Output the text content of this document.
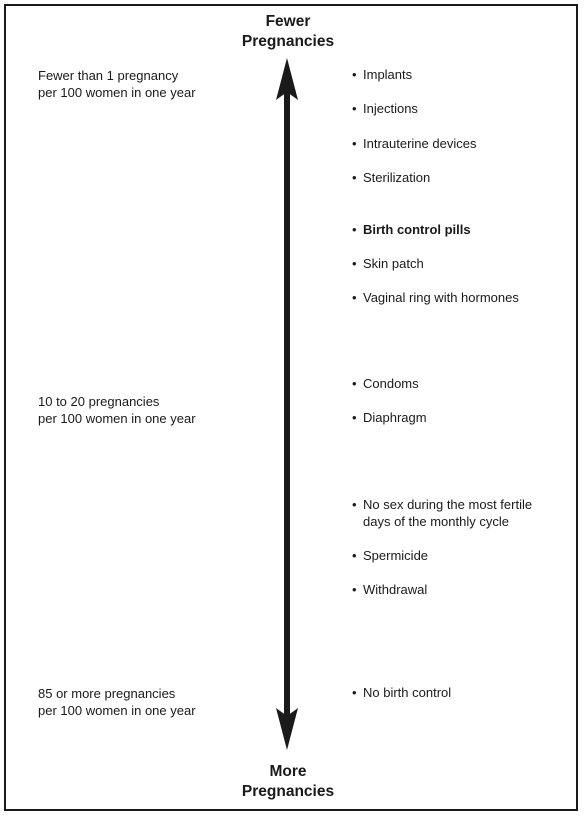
Fewer
Pregnancies
More
Pregnancies
Fewer than 1 pregnancy
per 100 women in one year
10 to 20 pregnancies
per 100 women in one year
85 or more pregnancies
per 100 women in one year
• Implants
• Injections
• Intrauterine devices
• Sterilization
• Birth control pills
• Skin patch
• Vaginal ring with hormones
• Condoms
• Diaphragm
• No sex during the most fertile days of the monthly cycle
• Spermicide
• Withdrawal
• No birth control
